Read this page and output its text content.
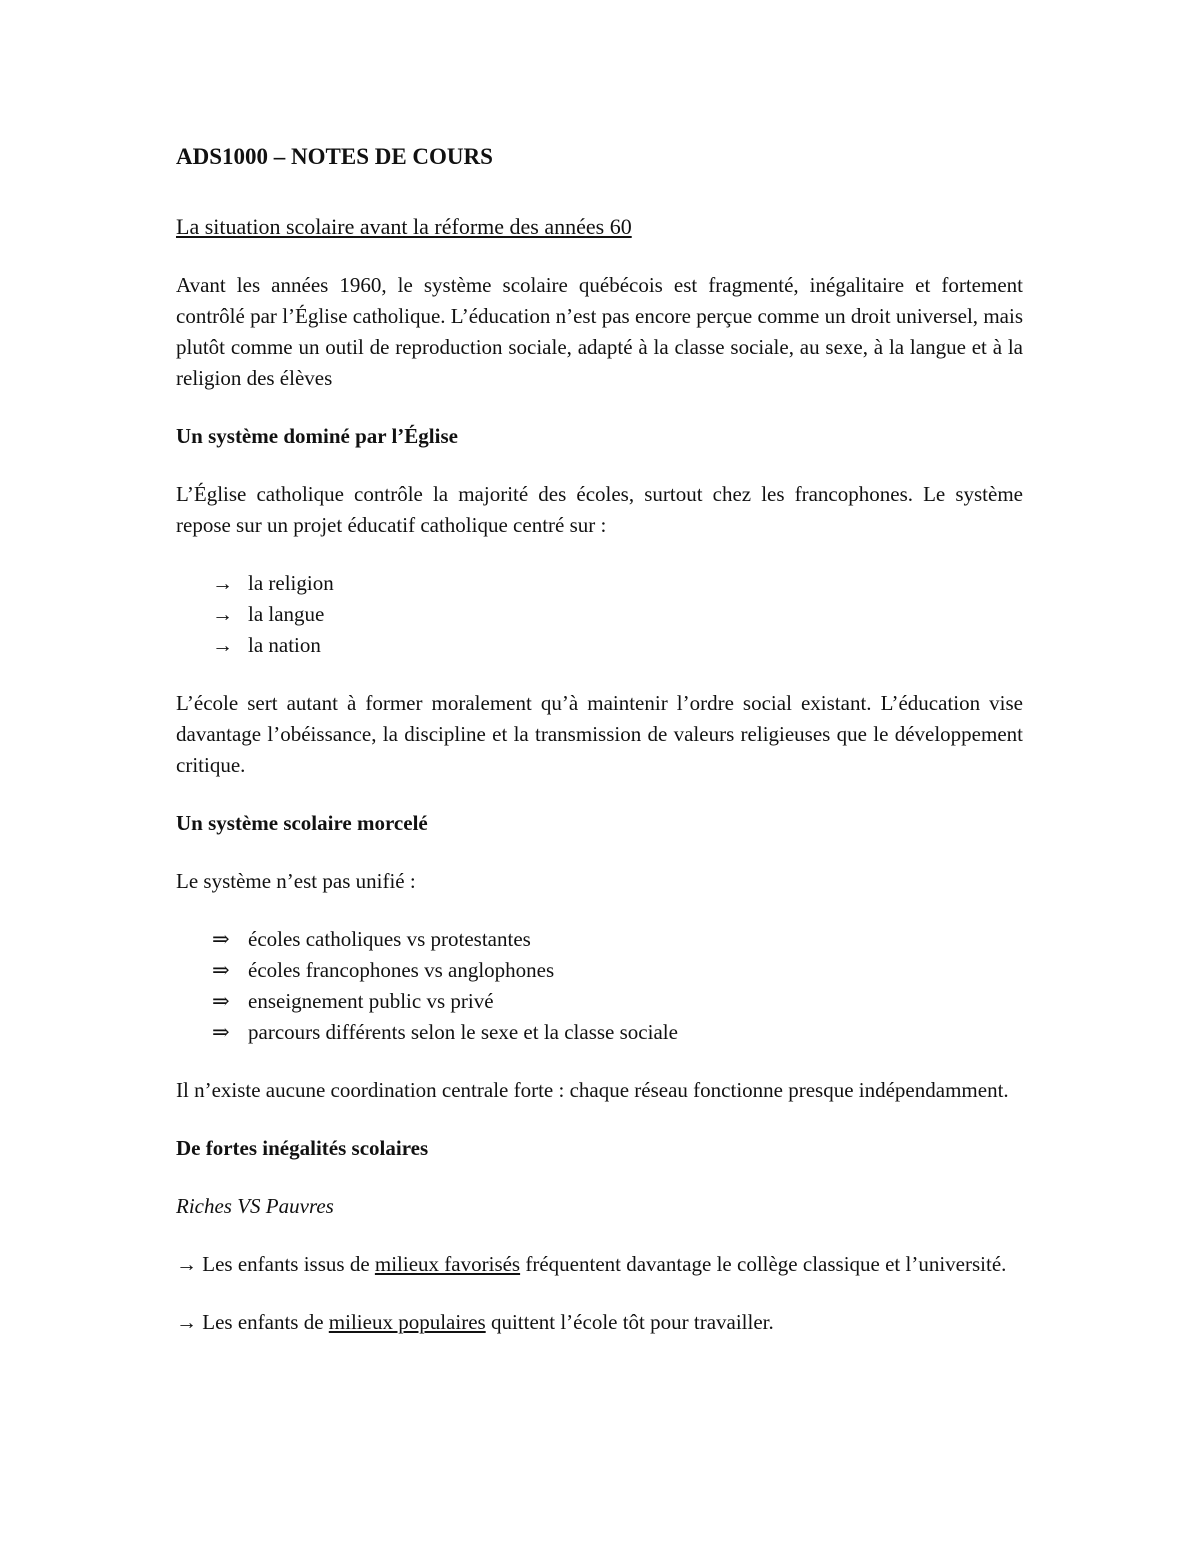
ADS1000 – NOTES DE COURS
La situation scolaire avant la réforme des années 60

Avant les années 1960, le système scolaire québécois est fragmenté, inégalitaire et fortement contrôlé par l’Église catholique. L’éducation n’est pas encore perçue comme un droit universel, mais plutôt comme un outil de reproduction sociale, adapté à la classe sociale, au sexe, à la langue et à la religion des élèves

Un système dominé par l’Église

L’Église catholique contrôle la majorité des écoles, surtout chez les francophones. Le système repose sur un projet éducatif catholique centré sur :

→ la religion
→ la langue
→ la nation

L’école sert autant à former moralement qu’à maintenir l’ordre social existant. L’éducation vise davantage l’obéissance, la discipline et la transmission de valeurs religieuses que le développement critique.

Un système scolaire morcelé

Le système n’est pas unifié :

⇒ écoles catholiques vs protestantes
⇒ écoles francophones vs anglophones
⇒ enseignement public vs privé
⇒ parcours différents selon le sexe et la classe sociale

Il n’existe aucune coordination centrale forte : chaque réseau fonctionne presque indépendamment.

De fortes inégalités scolaires
Riches VS Pauvres

→ Les enfants issus de milieux favorisés fréquentent davantage le collège classique et l’université.

→ Les enfants de milieux populaires quittent l’école tôt pour travailler.
